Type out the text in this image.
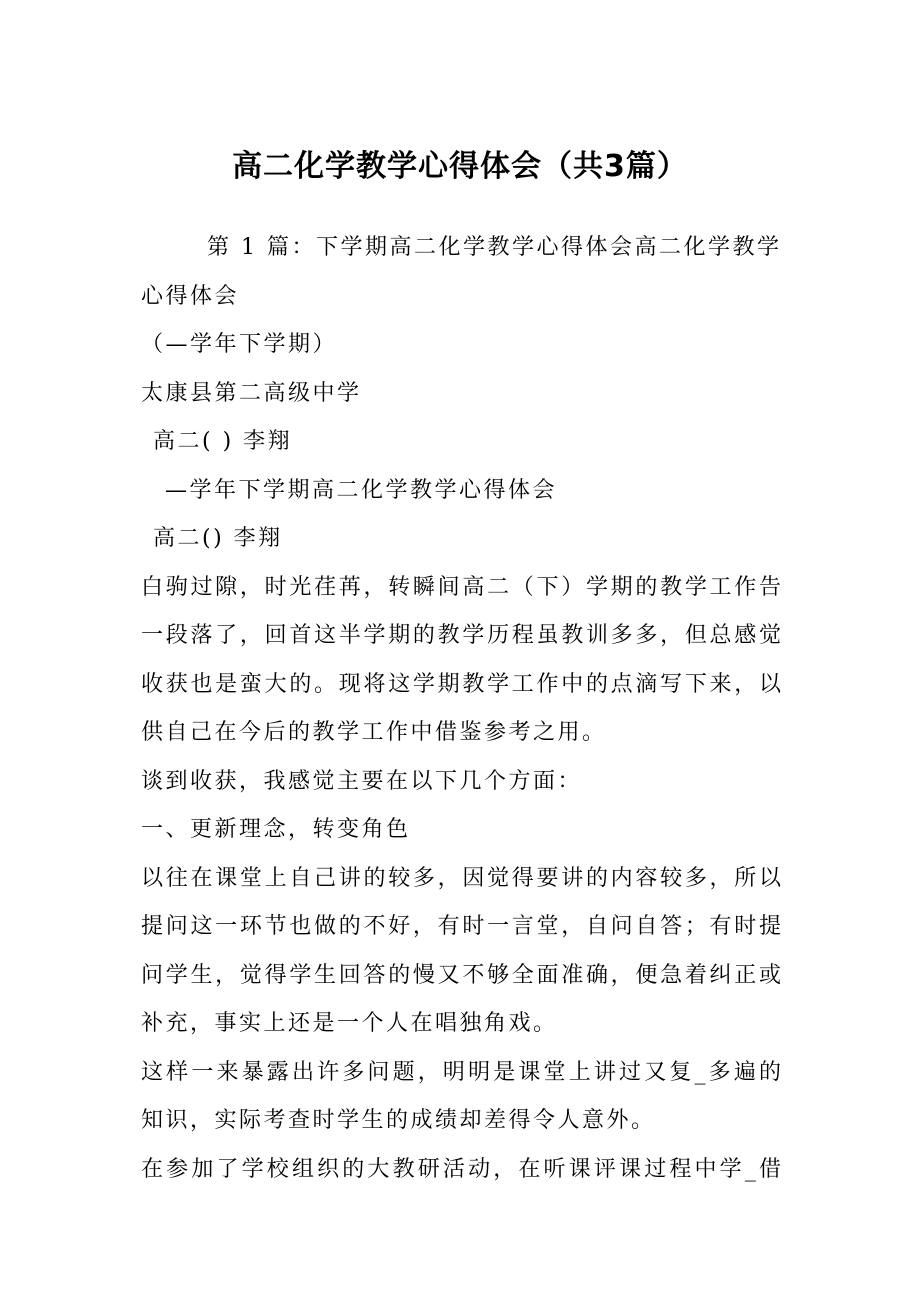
高二化学教学心得体会（共3篇）
第 1 篇：下学期高二化学教学心得体会高二化学教学
心得体会
（—学年下学期）
太康县第二高级中学
高二( ) 李翔
—学年下学期高二化学教学心得体会
高二() 李翔
白驹过隙，时光荏苒，转瞬间高二（下）学期的教学工作告
一段落了，回首这半学期的教学历程虽教训多多，但总感觉
收获也是蛮大的。现将这学期教学工作中的点滴写下来，以
供自己在今后的教学工作中借鉴参考之用。
谈到收获，我感觉主要在以下几个方面：
一、更新理念，转变角色
以往在课堂上自己讲的较多，因觉得要讲的内容较多，所以
提问这一环节也做的不好，有时一言堂，自问自答；有时提
问学生，觉得学生回答的慢又不够全面准确，便急着纠正或
补充，事实上还是一个人在唱独角戏。
这样一来暴露出许多问题，明明是课堂上讲过又复_多遍的
知识，实际考查时学生的成绩却差得令人意外。
在参加了学校组织的大教研活动，在听课评课过程中学_借
